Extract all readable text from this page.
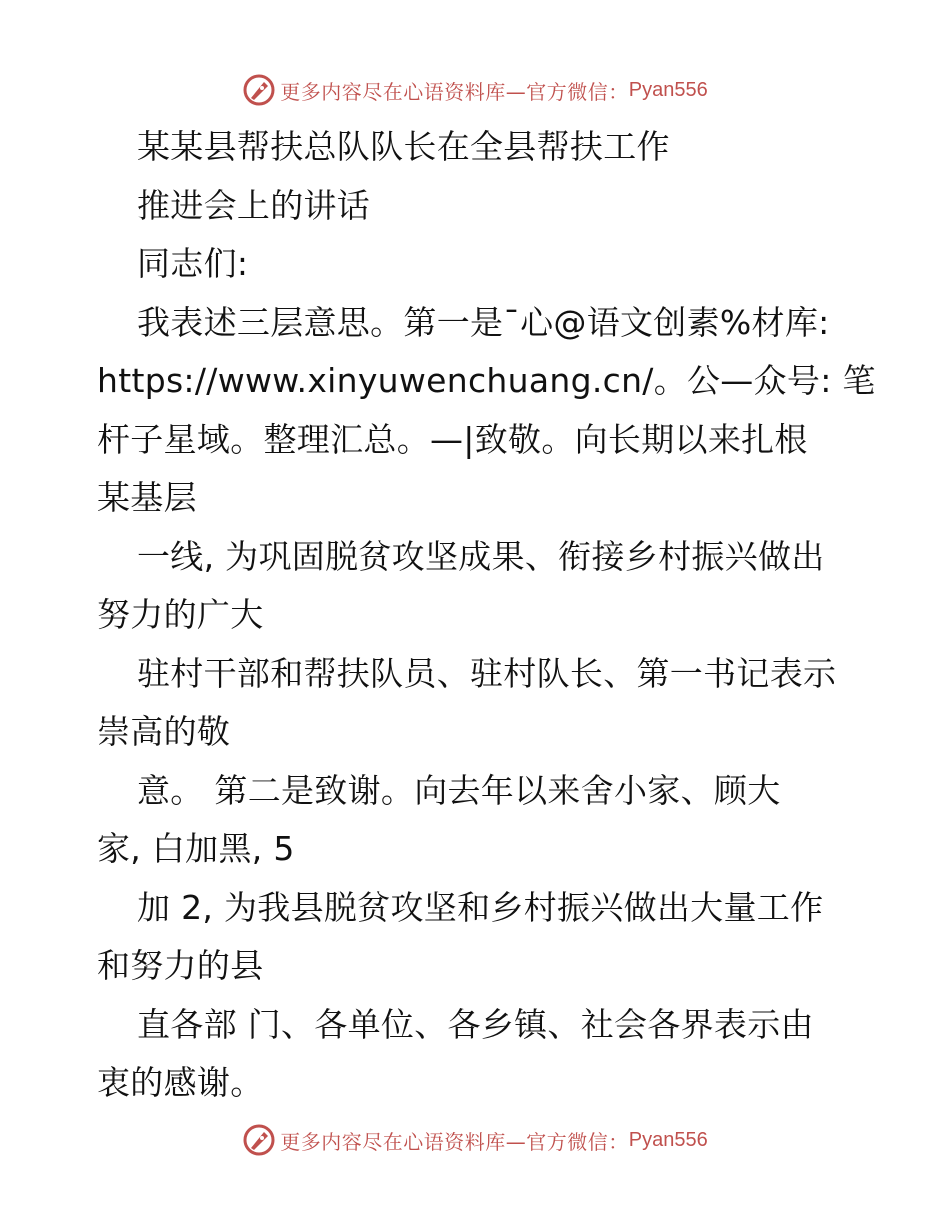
更多内容尽在心语资料库—官方微信： Pyan556
某某县帮扶总队队长在全县帮扶工作
推进会上的讲话
同志们:
我表述三层意思。第一是¯心@语文创素%材库:
https://www.xinyuwenchuang.cn/。公—众号: 笔
杆子星域。整理汇总。—|致敬。向长期以来扎根
某基层
一线, 为巩固脱贫攻坚成果、衔接乡村振兴做出
努力的广大
驻村干部和帮扶队员、驻村队长、第一书记表示
崇高的敬
意。 第二是致谢。向去年以来舍小家、顾大
家, 白加黑, 5
加 2, 为我县脱贫攻坚和乡村振兴做出大量工作
和努力的县
直各部 门、各单位、各乡镇、社会各界表示由
衷的感谢。
更多内容尽在心语资料库—官方微信： Pyan556
